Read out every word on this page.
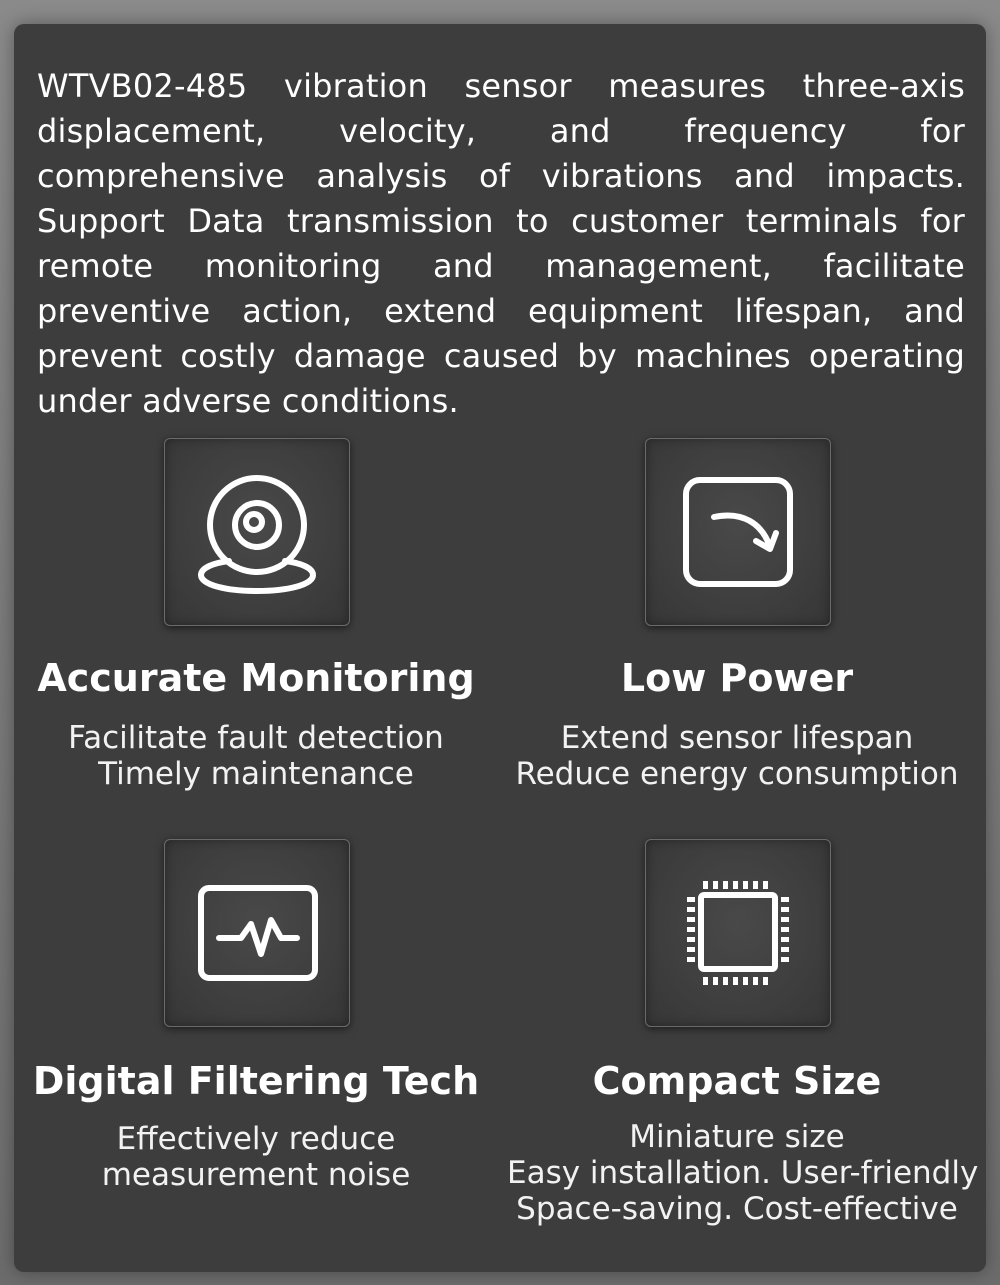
WTVB02-485 vibration sensor measures three-axis displacement, velocity, and frequency for comprehensive analysis of vibrations and impacts. Support Data transmission to customer terminals for remote monitoring and management, facilitate preventive action, extend equipment lifespan, and prevent costly damage caused by machines operating under adverse conditions.

Accurate Monitoring
Facilitate fault detection
Timely maintenance
Low Power
Extend sensor lifespan
Reduce energy consumption
Digital Filtering Tech
Effectively reduce
measurement noise
Compact Size
Miniature size
Easy installation. User-friendly
Space-saving. Cost-effective
